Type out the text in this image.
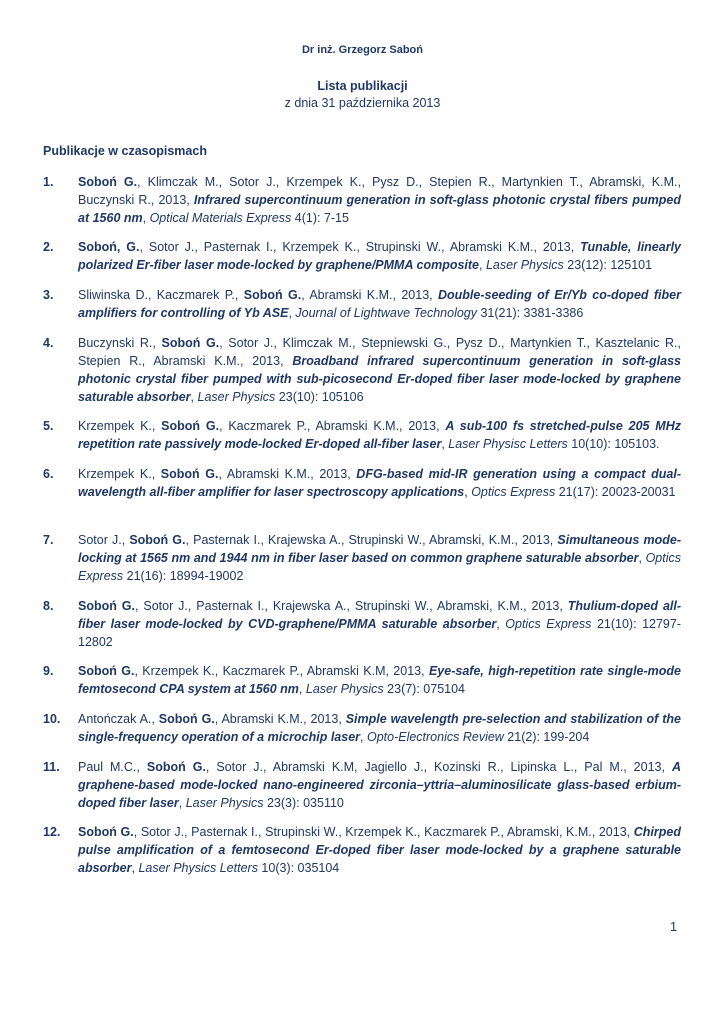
Dr inż. Grzegorz Saboń
Lista publikacji
z dnia 31 października 2013
Publikacje w czasopismach
1.	Soboń G., Klimczak M., Sotor J., Krzempek K., Pysz D., Stepien R., Martynkien T., Abramski, K.M., Buczynski R., 2013, Infrared supercontinuum generation in soft-glass photonic crystal fibers pumped at 1560 nm, Optical Materials Express 4(1): 7-15
2.	Soboń, G., Sotor J., Pasternak I., Krzempek K., Strupinski W., Abramski K.M., 2013, Tunable, linearly polarized Er-fiber laser mode-locked by graphene/PMMA composite, Laser Physics 23(12): 125101
3.	Sliwinska D., Kaczmarek P., Soboń G., Abramski K.M., 2013, Double-seeding of Er/Yb co-doped fiber amplifiers for controlling of Yb ASE, Journal of Lightwave Technology 31(21): 3381-3386
4.	Buczynski R., Soboń G., Sotor J., Klimczak M., Stepniewski G., Pysz D., Martynkien T., Kasztelanic R., Stepien R., Abramski K.M., 2013, Broadband infrared supercontinuum generation in soft-glass photonic crystal fiber pumped with sub-picosecond Er-doped fiber laser mode-locked by graphene saturable absorber, Laser Physics 23(10): 105106
5.	Krzempek K., Soboń G., Kaczmarek P., Abramski K.M., 2013, A sub-100 fs stretched-pulse 205 MHz repetition rate passively mode-locked Er-doped all-fiber laser, Laser Physisc Letters 10(10): 105103.
6.	Krzempek K., Soboń G., Abramski K.M., 2013, DFG-based mid-IR generation using a compact dual-wavelength all-fiber amplifier for laser spectroscopy applications, Optics Express 21(17): 20023-20031
7.	Sotor J., Soboń G., Pasternak I., Krajewska A., Strupinski W., Abramski, K.M., 2013, Simultaneous mode-locking at 1565 nm and 1944 nm in fiber laser based on common graphene saturable absorber, Optics Express 21(16): 18994-19002
8.	Soboń G., Sotor J., Pasternak I., Krajewska A., Strupinski W., Abramski, K.M., 2013, Thulium-doped all-fiber laser mode-locked by CVD-graphene/PMMA saturable absorber, Optics Express 21(10): 12797-12802
9.	Soboń G., Krzempek K., Kaczmarek P., Abramski K.M, 2013, Eye-safe, high-repetition rate single-mode femtosecond CPA system at 1560 nm, Laser Physics 23(7): 075104
10.	Antończak A., Soboń G., Abramski K.M., 2013, Simple wavelength pre-selection and stabilization of the single-frequency operation of a microchip laser, Opto-Electronics Review 21(2): 199-204
11.	Paul M.C., Soboń G., Sotor J., Abramski K.M, Jagiello J., Kozinski R., Lipinska L., Pal M., 2013, A graphene-based mode-locked nano-engineered zirconia–yttria–aluminosilicate glass-based erbium-doped fiber laser, Laser Physics 23(3): 035110
12.	Soboń G., Sotor J., Pasternak I., Strupinski W., Krzempek K., Kaczmarek P., Abramski, K.M., 2013, Chirped pulse amplification of a femtosecond Er-doped fiber laser mode-locked by a graphene saturable absorber, Laser Physics Letters 10(3): 035104
1
